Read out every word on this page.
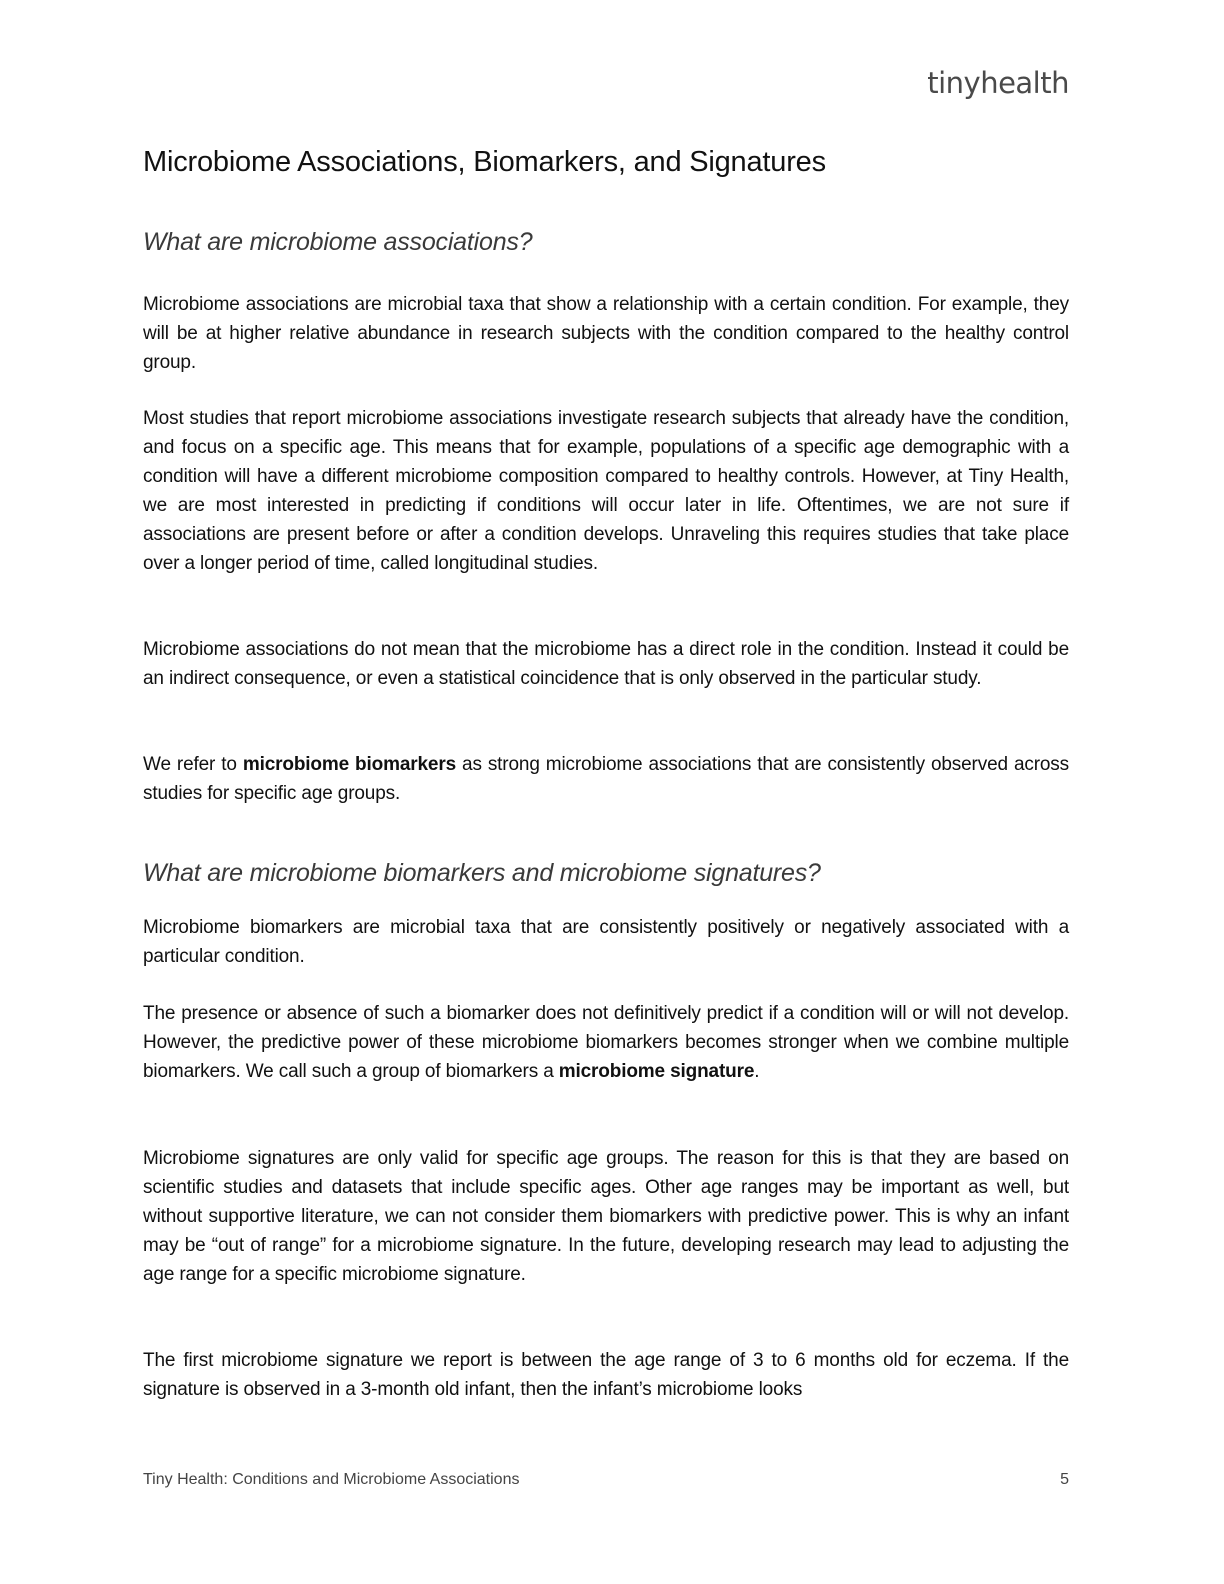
tinyhealth
Microbiome Associations, Biomarkers, and Signatures
What are microbiome associations?

Microbiome associations are microbial taxa that show a relationship with a certain condition. For example, they will be at higher relative abundance in research subjects with the condition compared to the healthy control group.

Most studies that report microbiome associations investigate research subjects that already have the condition, and focus on a specific age. This means that for example, populations of a specific age demographic with a condition will have a different microbiome composition compared to healthy controls. However, at Tiny Health, we are most interested in predicting if conditions will occur later in life. Oftentimes, we are not sure if associations are present before or after a condition develops. Unraveling this requires studies that take place over a longer period of time, called longitudinal studies.

Microbiome associations do not mean that the microbiome has a direct role in the condition. Instead it could be an indirect consequence, or even a statistical coincidence that is only observed in the particular study.

We refer to microbiome biomarkers as strong microbiome associations that are consistently observed across studies for specific age groups.

What are microbiome biomarkers and microbiome signatures?

Microbiome biomarkers are microbial taxa that are consistently positively or negatively associated with a particular condition.

The presence or absence of such a biomarker does not definitively predict if a condition will or will not develop. However, the predictive power of these microbiome biomarkers becomes stronger when we combine multiple biomarkers. We call such a group of biomarkers a microbiome signature.

Microbiome signatures are only valid for specific age groups. The reason for this is that they are based on scientific studies and datasets that include specific ages. Other age ranges may be important as well, but without supportive literature, we can not consider them biomarkers with predictive power. This is why an infant may be “out of range” for a microbiome signature. In the future, developing research may lead to adjusting the age range for a specific microbiome signature.

The first microbiome signature we report is between the age range of 3 to 6 months old for eczema. If the signature is observed in a 3-month old infant, then the infant’s microbiome looks

Tiny Health: Conditions and Microbiome Associations	5
